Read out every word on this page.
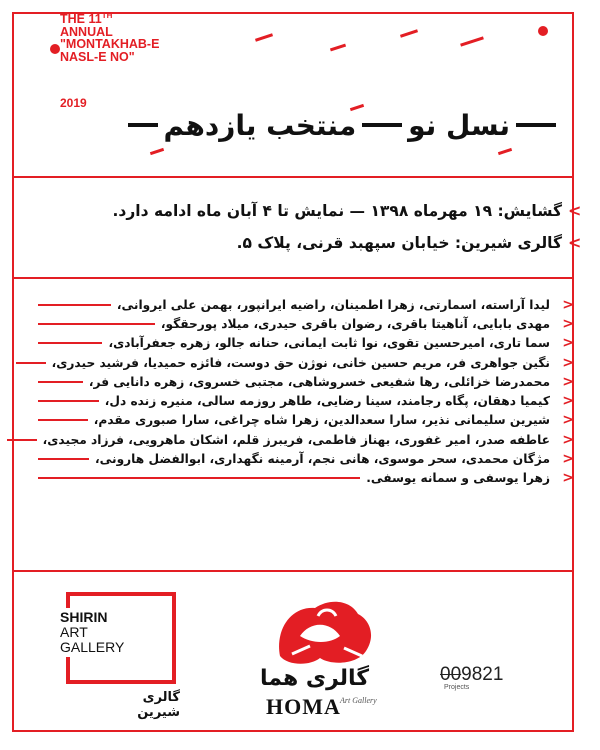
THE 11TH
ANNUAL
"MONTAKHAB-E
NASL-E NO"
2019
نسل نو
منتخب یازدهم
<
گشایش: ۱۹ مهرماه ۱۳۹۸ — نمایش تا ۴ آبان ماه ادامه دارد.
<
گالری شیرین: خیابان سپهبد قرنی، پلاک ۵.
لیدا آراسته، اسمارتی، زهرا اطمینان، راضیه ایرانپور، بهمن علی ایروانی، <
مهدی بابایی، آناهیتا باقری، رضوان باقری حیدری، میلاد پورحقگو، <
سما تاری، امیرحسین تقوی، نوا ثابت ایمانی، حنانه جالو، زهره جعفرآبادی، <
نگین جواهری فر، مریم حسین خانی، نوژن حق دوست، فائزه حمیدیا، فرشید حیدری، <
محمدرضا خزائلی، رها شفیعی خسروشاهی، مجتبی خسروی، زهره دانایی فر، <
کیمیا دهقان، پگاه رجامند، سینا رضایی، طاهر روزمه سالی، منیره زنده دل، <
شیرین سلیمانی نذیر، سارا سعدالدین، زهرا شاه چراغی، سارا صبوری مقدم، <
عاطفه صدر، امیر غفوری، بهناز فاطمی، فریبرز قلم، اشکان ماهرویی، فرزاد مجیدی، <
مژگان محمدی، سحر موسوی، هانی نجم، آرمینه نگهداری، ابوالفضل هارونی، <
زهرا یوسفی و سمانه یوسفی. <
SHIRIN
ART
GALLERY
گالری شیرین
گالری هما
HOMA Art Gallery
009821
Projects
